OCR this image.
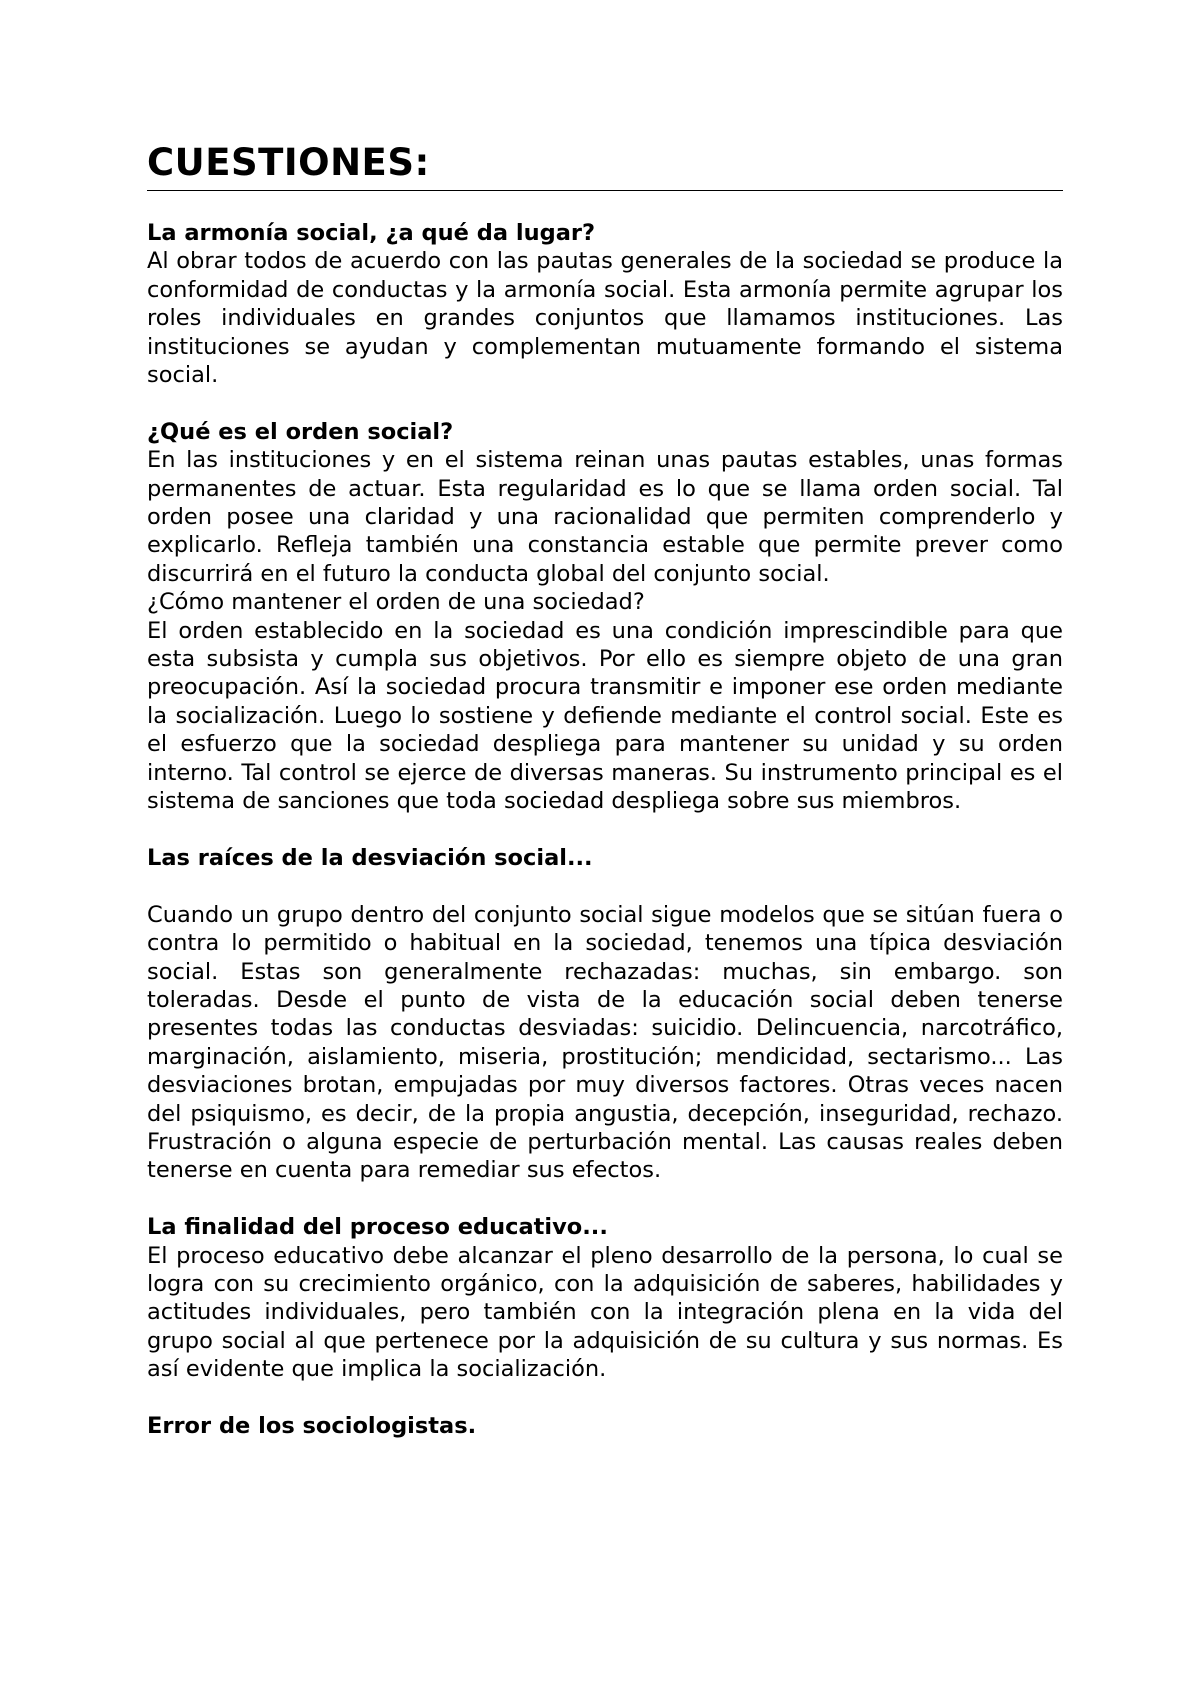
CUESTIONES:

La armonía social, ¿a qué da lugar?

Al obrar todos de acuerdo con las pautas generales de la sociedad se produce la conformidad de conductas y la armonía social. Esta armonía permite agrupar los roles individuales en grandes conjuntos que llamamos instituciones. Las instituciones se ayudan y complementan mutuamente formando el sistema social.

¿Qué es el orden social?

En las instituciones y en el sistema reinan unas pautas estables, unas formas permanentes de actuar. Esta regularidad es lo que se llama orden social. Tal orden posee una claridad y una racionalidad que permiten comprenderlo y explicarlo. Refleja también una constancia estable que permite prever como discurrirá en el futuro la conducta global del conjunto social.

¿Cómo mantener el orden de una sociedad?

El orden establecido en la sociedad es una condición imprescindible para que esta subsista y cumpla sus objetivos. Por ello es siempre objeto de una gran preocupación. Así la sociedad procura transmitir e imponer ese orden mediante la socialización. Luego lo sostiene y defiende mediante el control social. Este es el esfuerzo que la sociedad despliega para mantener su unidad y su orden interno. Tal control se ejerce de diversas maneras. Su instrumento principal es el sistema de sanciones que toda sociedad despliega sobre sus miembros.

Las raíces de la desviación social...

Cuando un grupo dentro del conjunto social sigue modelos que se sitúan fuera o contra lo permitido o habitual en la sociedad, tenemos una típica desviación social. Estas son generalmente rechazadas: muchas, sin embargo. son toleradas. Desde el punto de vista de la educación social deben tenerse presentes todas las conductas desviadas: suicidio. Delincuencia, narcotráfico, marginación, aislamiento, miseria, prostitución; mendicidad, sectarismo... Las desviaciones brotan, empujadas por muy diversos factores. Otras veces nacen del psiquismo, es decir, de la propia angustia, decepción, inseguridad, rechazo. Frustración o alguna especie de perturbación mental. Las causas reales deben tenerse en cuenta para remediar sus efectos.

La finalidad del proceso educativo...

El proceso educativo debe alcanzar el pleno desarrollo de la persona, lo cual se logra con su crecimiento orgánico, con la adquisición de saberes, habilidades y actitudes individuales, pero también con la integración plena en la vida del grupo social al que pertenece por la adquisición de su cultura y sus normas. Es así evidente que implica la socialización.

Error de los sociologistas.
